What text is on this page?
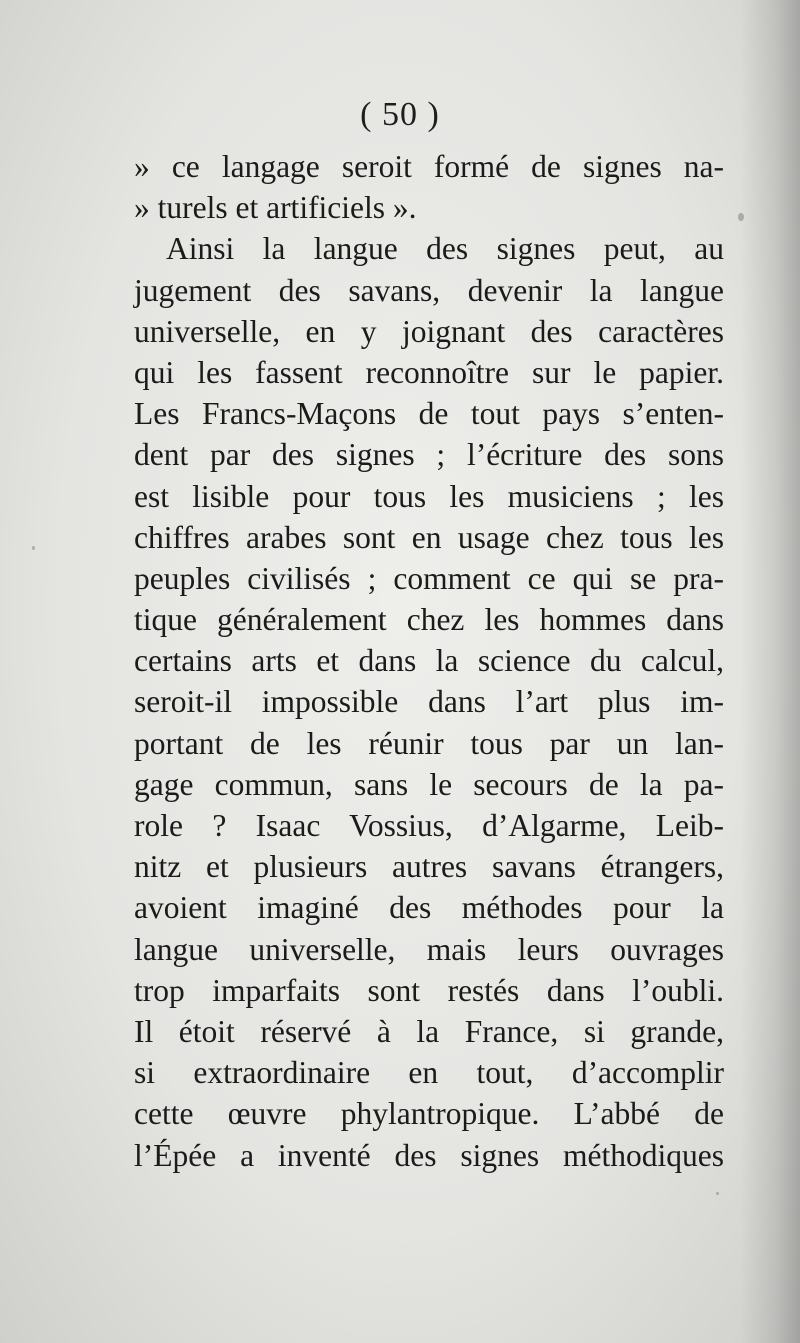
( 50 )
» ce langage seroit formé de signes na-
» turels et artificiels ».
Ainsi la langue des signes peut, au
jugement des savans, devenir la langue
universelle, en y joignant des caractères
qui les fassent reconnoître sur le papier.
Les Francs-Maçons de tout pays s’enten-
dent par des signes ; l’écriture des sons
est lisible pour tous les musiciens ; les
chiffres arabes sont en usage chez tous les
peuples civilisés ; comment ce qui se pra-
tique généralement chez les hommes dans
certains arts et dans la science du calcul,
seroit-il impossible dans l’art plus im-
portant de les réunir tous par un lan-
gage commun, sans le secours de la pa-
role ? Isaac Vossius, d’Algarme, Leib-
nitz et plusieurs autres savans étrangers,
avoient imaginé des méthodes pour la
langue universelle, mais leurs ouvrages
trop imparfaits sont restés dans l’oubli.
Il étoit réservé à la France, si grande,
si extraordinaire en tout, d’accomplir
cette œuvre phylantropique. L’abbé de
l’Épée a inventé des signes méthodiques
